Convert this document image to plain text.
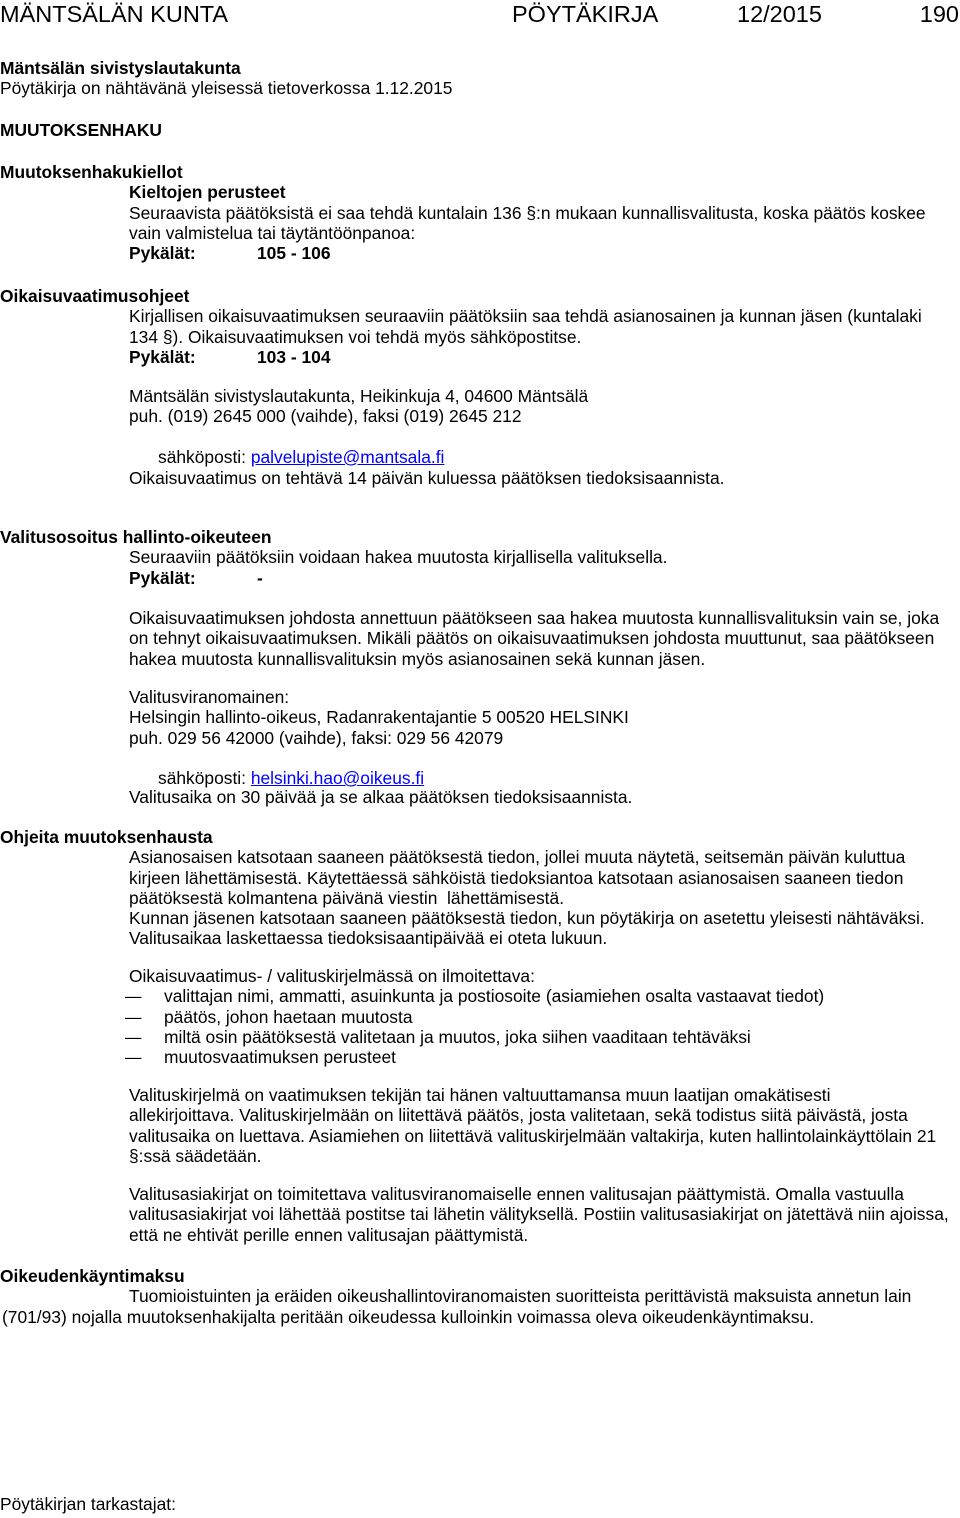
MÄNTSÄLÄN KUNTA	PÖYTÄKIRJA	12/2015	190
Mäntsälän sivistyslautakunta
Pöytäkirja on nähtävänä yleisessä tietoverkossa 1.12.2015
MUUTOKSENHAKU
Muutoksenhakukiellot
Kieltojen perusteet
Seuraavista päätöksistä ei saa tehdä kuntalain 136 §:n mukaan kunnallisvalitusta, koska päätös koskee
vain valmistelua tai täytäntöönpanoa:
Pykälät:	105 - 106
Oikaisuvaatimusohjeet
Kirjallisen oikaisuvaatimuksen seuraaviin päätöksiin saa tehdä asianosainen ja kunnan jäsen (kuntalaki
134 §). Oikaisuvaatimuksen voi tehdä myös sähköpostitse.
Pykälät:	103 - 104
Mäntsälän sivistyslautakunta, Heikinkuja 4, 04600 Mäntsälä
puh. (019) 2645 000 (vaihde), faksi (019) 2645 212

sähköposti: palvelupiste@mantsala.fi

Oikaisuvaatimus on tehtävä 14 päivän kuluessa päätöksen tiedoksisaannista.
Valitusosoitus hallinto-oikeuteen
Seuraaviin päätöksiin voidaan hakea muutosta kirjallisella valituksella.
Pykälät:	-
Oikaisuvaatimuksen johdosta annettuun päätökseen saa hakea muutosta kunnallisvalituksin vain se, joka
on tehnyt oikaisuvaatimuksen. Mikäli päätös on oikaisuvaatimuksen johdosta muuttunut, saa päätökseen
hakea muutosta kunnallisvalituksin myös asianosainen sekä kunnan jäsen.
Valitusviranomainen:
Helsingin hallinto-oikeus, Radanrakentajantie 5 00520 HELSINKI
puh. 029 56 42000 (vaihde), faksi: 029 56 42079

sähköposti: helsinki.hao@oikeus.fi

Valitusaika on 30 päivää ja se alkaa päätöksen tiedoksisaannista.
Ohjeita muutoksenhausta
Asianosaisen katsotaan saaneen päätöksestä tiedon, jollei muuta näytetä, seitsemän päivän kuluttua
kirjeen lähettämisestä. Käytettäessä sähköistä tiedoksiantoa katsotaan asianosaisen saaneen tiedon
päätöksestä kolmantena päivänä viestin  lähettämisestä.
Kunnan jäsenen katsotaan saaneen päätöksestä tiedon, kun pöytäkirja on asetettu yleisesti nähtäväksi.
Valitusaikaa laskettaessa tiedoksisaantipäivää ei oteta lukuun.
Oikaisuvaatimus- / valituskirjelmässä on ilmoitettava:
–	valittajan nimi, ammatti, asuinkunta ja postiosoite (asiamiehen osalta vastaavat tiedot)
–	päätös, johon haetaan muutosta
–	miltä osin päätöksestä valitetaan ja muutos, joka siihen vaaditaan tehtäväksi
–	muutosvaatimuksen perusteet
Valituskirjelmä on vaatimuksen tekijän tai hänen valtuuttamansa muun laatijan omakätisesti
allekirjoittava. Valituskirjelmään on liitettävä päätös, josta valitetaan, sekä todistus siitä päivästä, josta
valitusaika on luettava. Asiamiehen on liitettävä valituskirjelmään valtakirja, kuten hallintolainkäyttölain 21
§:ssä säädetään.
Valitusasiakirjat on toimitettava valitusviranomaiselle ennen valitusajan päättymistä. Omalla vastuulla
valitusasiakirjat voi lähettää postitse tai lähetin välityksellä. Postiin valitusasiakirjat on jätettävä niin ajoissa,
että ne ehtivät perille ennen valitusajan päättymistä.
Oikeudenkäyntimaksu
Tuomioistuinten ja eräiden oikeushallintoviranomaisten suoritteista perittävistä maksuista annetun lain
(701/93) nojalla muutoksenhakijalta peritään oikeudessa kulloinkin voimassa oleva oikeudenkäyntimaksu.
Pöytäkirjan tarkastajat:
